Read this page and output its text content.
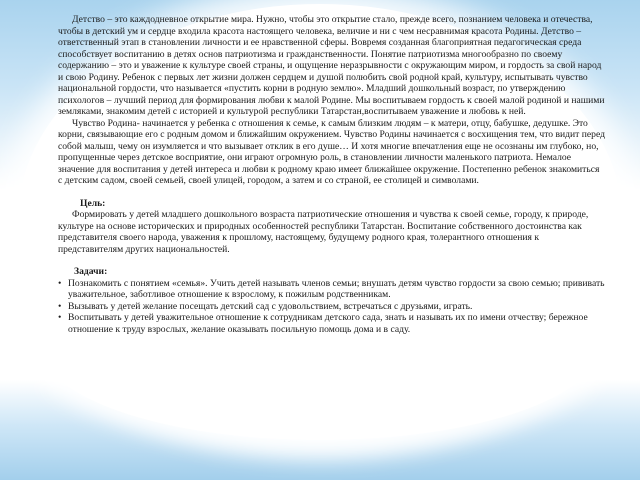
Детство – это каждодневное открытие мира. Нужно, чтобы это открытие стало, прежде всего, познанием человека и отечества, чтобы в детский ум и сердце входила красота настоящего человека, величие и ни с чем несравнимая красота Родины. Детство – ответственный этап в становлении личности и ее нравственной сферы. Вовремя созданная благоприятная педагогическая среда способствует воспитанию в детях основ патриотизма и гражданственности. Понятие патриотизма многообразно по своему содержанию – это и уважение к культуре своей страны, и ощущение неразрывности с окружающим миром, и гордость за свой народ и свою Родину. Ребенок с первых лет жизни должен сердцем и душой полюбить свой родной край, культуру, испытывать чувство национальной гордости, что называется «пустить корни в родную землю». Младший дошкольный возраст, по утверждению психологов – лучший период для формирования любви к малой Родине. Мы воспитываем гордость к своей малой родиной и нашими земляками, знакомим детей с историей и культурой республики Татарстан,воспитываем уважение и любовь к ней.

Чувство Родина- начинается у ребенка с отношения к семье, к самым близким людям – к матери, отцу, бабушке, дедушке. Это корни, связывающие его с родным домом и ближайшим окружением. Чувство Родины начинается с восхищения тем, что видит перед собой малыш, чему он изумляется и что вызывает отклик в его душе… И хотя многие впечатления еще не осознаны им глубоко, но, пропущенные через детское восприятие, они играют огромную роль, в становлении личности маленького патриота. Немалое значение для воспитания у детей интереса и любви к родному краю имеет ближайшее окружение. Постепенно ребенок знакомиться с детским садом, своей семьей, своей улицей, городом, а затем и со страной, ее столицей и символами.

Цель:

Формировать у детей младшего дошкольного возраста патриотические отношения и чувства к своей семье, городу, к природе, культуре на основе исторических и природных особенностей республики Татарстан. Воспитание собственного достоинства как представителя своего народа, уважения к прошлому, настоящему, будущему родного края, толерантного отношения к представителям других национальностей.

Задачи:

• Познакомить с понятием «семья». Учить детей называть членов семьи; внушать детям чувство гордости за свою семью; прививать уважительное, заботливое отношение к взрослому, к пожилым родственникам.
• Вызывать у детей желание посещать детский сад с удовольствием, встречаться с друзьями, играть.
• Воспитывать у детей уважительное отношение к сотрудникам детского сада, знать и называть их по имени отчеству; бережное отношение к труду взрослых, желание оказывать посильную помощь дома и в саду.
